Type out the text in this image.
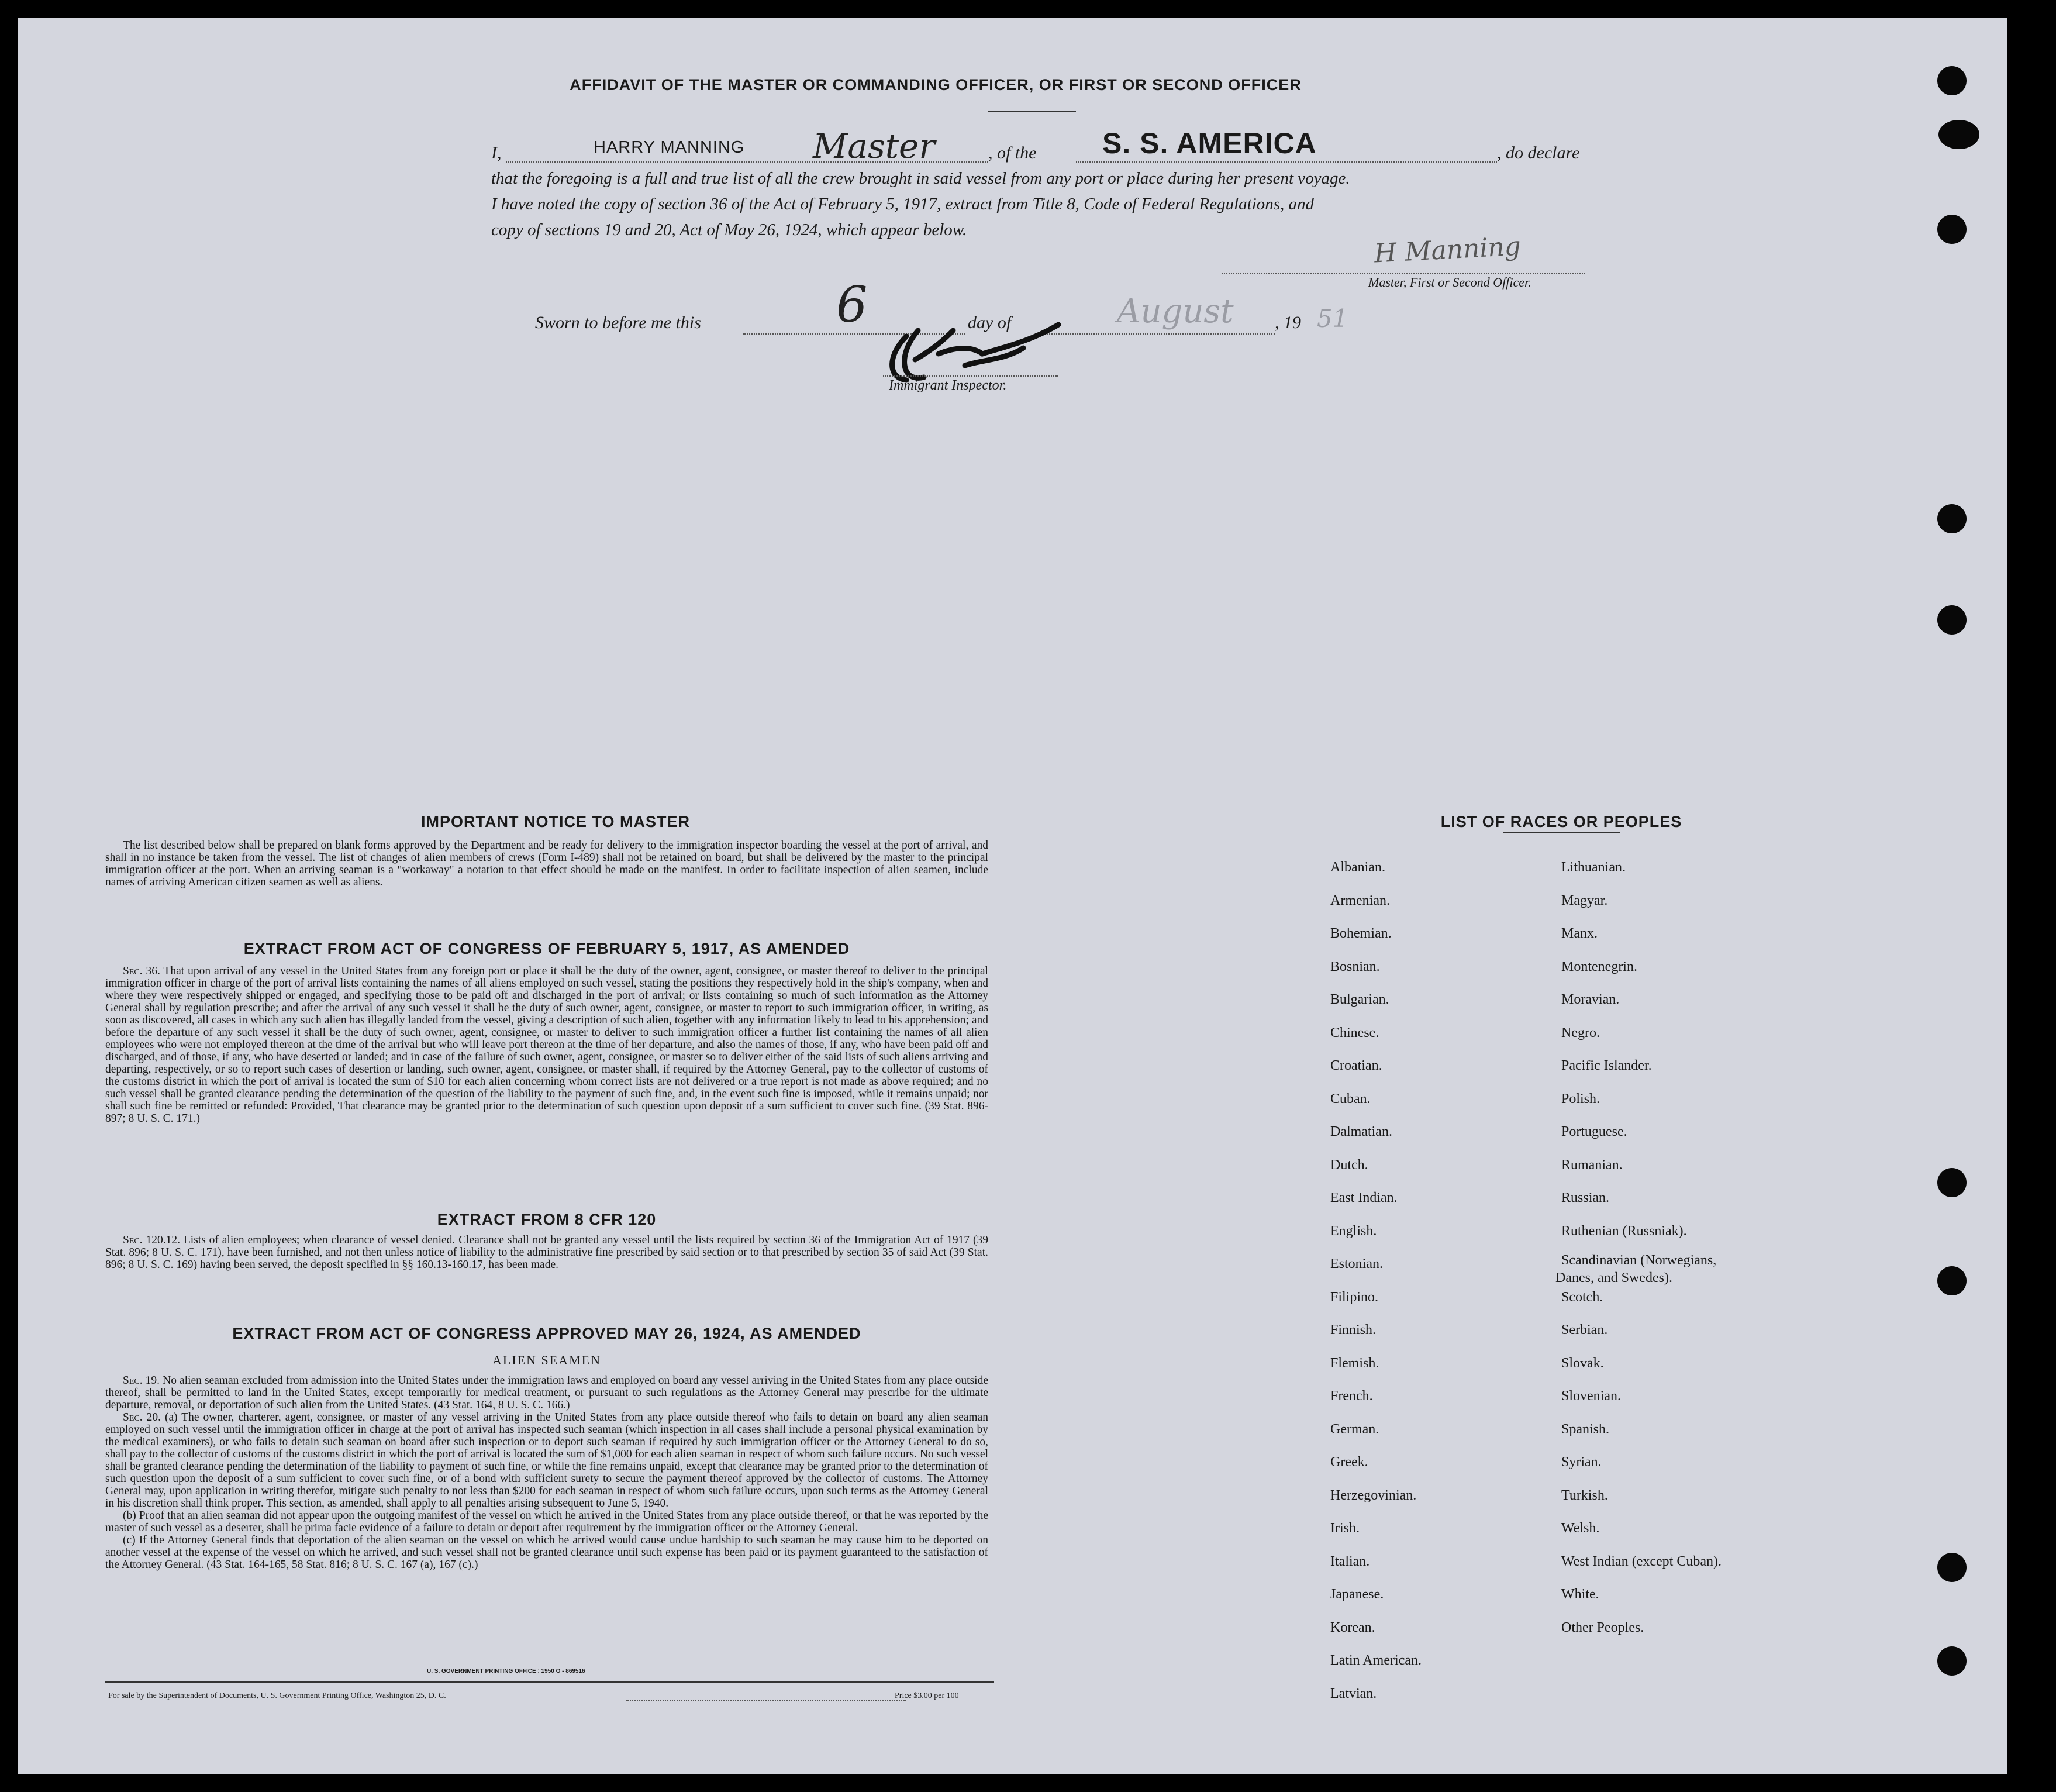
AFFIDAVIT OF THE MASTER OR COMMANDING OFFICER, OR FIRST OR SECOND OFFICER
I,	HARRY MANNING Master	, of the S. S. AMERICA	, do declare
that the foregoing is a full and true list of all the crew brought in said vessel from any port or place during her present voyage.
I have noted the copy of section 36 of the Act of February 5, 1917, extract from Title 8, Code of Federal Regulations, and
copy of sections 19 and 20, Act of May 26, 1924, which appear below.
H Manning
Master, First or Second Officer.
Sworn to before me this	6	day of	August , 19 51
Immigrant Inspector.
IMPORTANT NOTICE TO MASTER

The list described below shall be prepared on blank forms approved by the Department and be ready for delivery to the immigration inspector boarding the vessel at the port of arrival, and shall in no instance be taken from the vessel. The list of changes of alien members of crews (Form I-489) shall not be retained on board, but shall be delivered by the master to the principal immigration officer at the port. When an arriving seaman is a "workaway" a notation to that effect should be made on the manifest. In order to facilitate inspection of alien seamen, include names of arriving American citizen seamen as well as aliens.

EXTRACT FROM ACT OF CONGRESS OF FEBRUARY 5, 1917, AS AMENDED

Sec. 36. That upon arrival of any vessel in the United States from any foreign port or place it shall be the duty of the owner, agent, consignee, or master thereof to deliver to the principal immigration officer in charge of the port of arrival lists containing the names of all aliens employed on such vessel, stating the positions they respectively hold in the ship's company, when and where they were respectively shipped or engaged, and specifying those to be paid off and discharged in the port of arrival; or lists containing so much of such information as the Attorney General shall by regulation prescribe; and after the arrival of any such vessel it shall be the duty of such owner, agent, consignee, or master to report to such immigration officer, in writing, as soon as discovered, all cases in which any such alien has illegally landed from the vessel, giving a description of such alien, together with any information likely to lead to his apprehension; and before the departure of any such vessel it shall be the duty of such owner, agent, consignee, or master to deliver to such immigration officer a further list containing the names of all alien employees who were not employed thereon at the time of the arrival but who will leave port thereon at the time of her departure, and also the names of those, if any, who have been paid off and discharged, and of those, if any, who have deserted or landed; and in case of the failure of such owner, agent, consignee, or master so to deliver either of the said lists of such aliens arriving and departing, respectively, or so to report such cases of desertion or landing, such owner, agent, consignee, or master shall, if required by the Attorney General, pay to the collector of customs of the customs district in which the port of arrival is located the sum of $10 for each alien concerning whom correct lists are not delivered or a true report is not made as above required; and no such vessel shall be granted clearance pending the determination of the question of the liability to the payment of such fine, and, in the event such fine is imposed, while it remains unpaid; nor shall such fine be remitted or refunded: Provided, That clearance may be granted prior to the determination of such question upon deposit of a sum sufficient to cover such fine. (39 Stat. 896-897; 8 U. S. C. 171.)

EXTRACT FROM 8 CFR 120

Sec. 120.12. Lists of alien employees; when clearance of vessel denied. Clearance shall not be granted any vessel until the lists required by section 36 of the Immigration Act of 1917 (39 Stat. 896; 8 U. S. C. 171), have been furnished, and not then unless notice of liability to the administrative fine prescribed by said section or to that prescribed by section 35 of said Act (39 Stat. 896; 8 U. S. C. 169) having been served, the deposit specified in §§ 160.13-160.17, has been made.

EXTRACT FROM ACT OF CONGRESS APPROVED MAY 26, 1924, AS AMENDED
ALIEN SEAMEN

Sec. 19. No alien seaman excluded from admission into the United States under the immigration laws and employed on board any vessel arriving in the United States from any place outside thereof, shall be permitted to land in the United States, except temporarily for medical treatment, or pursuant to such regulations as the Attorney General may prescribe for the ultimate departure, removal, or deportation of such alien from the United States. (43 Stat. 164, 8 U. S. C. 166.)

Sec. 20. (a) The owner, charterer, agent, consignee, or master of any vessel arriving in the United States from any place outside thereof who fails to detain on board any alien seaman employed on such vessel until the immigration officer in charge at the port of arrival has inspected such seaman (which inspection in all cases shall include a personal physical examination by the medical examiners), or who fails to detain such seaman on board after such inspection or to deport such seaman if required by such immigration officer or the Attorney General to do so, shall pay to the collector of customs of the customs district in which the port of arrival is located the sum of $1,000 for each alien seaman in respect of whom such failure occurs. No such vessel shall be granted clearance pending the determination of the liability to payment of such fine, or while the fine remains unpaid, except that clearance may be granted prior to the determination of such question upon the deposit of a sum sufficient to cover such fine, or of a bond with sufficient surety to secure the payment thereof approved by the collector of customs. The Attorney General may, upon application in writing therefor, mitigate such penalty to not less than $200 for each seaman in respect of whom such failure occurs, upon such terms as the Attorney General in his discretion shall think proper. This section, as amended, shall apply to all penalties arising subsequent to June 5, 1940.

(b) Proof that an alien seaman did not appear upon the outgoing manifest of the vessel on which he arrived in the United States from any place outside thereof, or that he was reported by the master of such vessel as a deserter, shall be prima facie evidence of a failure to detain or deport after requirement by the immigration officer or the Attorney General.

(c) If the Attorney General finds that deportation of the alien seaman on the vessel on which he arrived would cause undue hardship to such seaman he may cause him to be deported on another vessel at the expense of the vessel on which he arrived, and such vessel shall not be granted clearance until such expense has been paid or its payment guaranteed to the satisfaction of the Attorney General. (43 Stat. 164-165, 58 Stat. 816; 8 U. S. C. 167 (a), 167 (c).)

U. S. GOVERNMENT PRINTING OFFICE : 1950 O - 869516
For sale by the Superintendent of Documents, U. S. Government Printing Office, Washington 25, D. C.	Price $3.00 per 100
LIST OF RACES OR PEOPLES
Albanian.
Armenian.
Bohemian.
Bosnian.
Bulgarian.
Chinese.
Croatian.
Cuban.
Dalmatian.
Dutch.
East Indian.
English.
Estonian.
Filipino.
Finnish.
Flemish.
French.
German.
Greek.
Herzegovinian.
Irish.
Italian.
Japanese.
Korean.
Latin American.
Latvian.
Lithuanian.
Magyar.
Manx.
Montenegrin.
Moravian.
Negro.
Pacific Islander.
Polish.
Portuguese.
Rumanian.
Russian.
Ruthenian (Russniak).
Scandinavian (Norwegians,
Danes, and Swedes).
Scotch.
Serbian.
Slovak.
Slovenian.
Spanish.
Syrian.
Turkish.
Welsh.
West Indian (except Cuban).
White.
Other Peoples.
